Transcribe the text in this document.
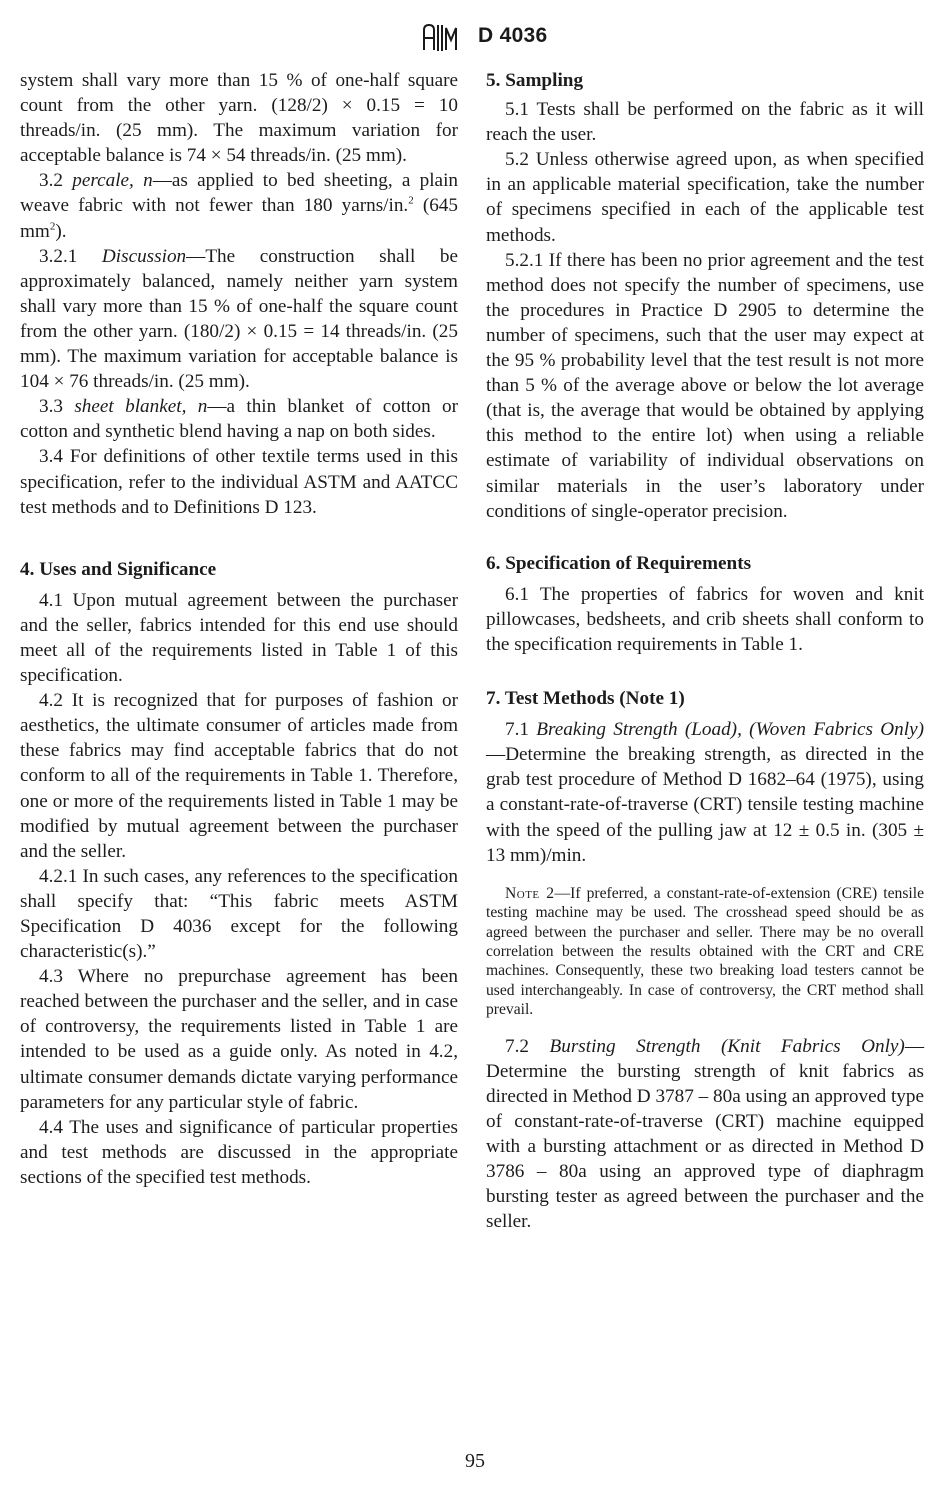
D 4036

system shall vary more than 15 % of one-half square count from the other yarn. (128/2) × 0.15 = 10 threads/in. (25 mm). The maximum variation for acceptable balance is 74 × 54 threads/in. (25 mm).

3.2 percale, n—as applied to bed sheeting, a plain weave fabric with not fewer than 180 yarns/in.$^2$ (645 $mm^2$).

3.2.1 Discussion—The construction shall be approximately balanced, namely neither yarn system shall vary more than 15 % of one-half the square count from the other yarn. (180/2) × 0.15 = 14 threads/in. (25 mm). The maximum variation for acceptable balance is 104 × 76 threads/in. (25 mm).

3.3 sheet blanket, n—a thin blanket of cotton or cotton and synthetic blend having a nap on both sides.

3.4 For definitions of other textile terms used in this specification, refer to the individual ASTM and AATCC test methods and to Definitions D 123.

4. Uses and Significance

4.1 Upon mutual agreement between the purchaser and the seller, fabrics intended for this end use should meet all of the requirements listed in Table 1 of this specification.

4.2 It is recognized that for purposes of fashion or aesthetics, the ultimate consumer of articles made from these fabrics may find acceptable fabrics that do not conform to all of the requirements in Table 1. Therefore, one or more of the requirements listed in Table 1 may be modified by mutual agreement between the purchaser and the seller.

4.2.1 In such cases, any references to the specification shall specify that: “This fabric meets ASTM Specification D 4036 except for the following characteristic(s).”

4.3 Where no prepurchase agreement has been reached between the purchaser and the seller, and in case of controversy, the requirements listed in Table 1 are intended to be used as a guide only. As noted in 4.2, ultimate consumer demands dictate varying performance parameters for any particular style of fabric.

4.4 The uses and significance of particular properties and test methods are discussed in the appropriate sections of the specified test methods.

5. Sampling

5.1 Tests shall be performed on the fabric as it will reach the user.

5.2 Unless otherwise agreed upon, as when specified in an applicable material specification, take the number of specimens specified in each of the applicable test methods.

5.2.1 If there has been no prior agreement and the test method does not specify the number of specimens, use the procedures in Practice D 2905 to determine the number of specimens, such that the user may expect at the 95 % probability level that the test result is not more than 5 % of the average above or below the lot average (that is, the average that would be obtained by applying this method to the entire lot) when using a reliable estimate of variability of individual observations on similar materials in the user’s laboratory under conditions of single-operator precision.

6. Specification of Requirements

6.1 The properties of fabrics for woven and knit pillowcases, bedsheets, and crib sheets shall conform to the specification requirements in Table 1.

7. Test Methods (Note 1)

7.1 Breaking Strength (Load), (Woven Fabrics Only)—Determine the breaking strength, as directed in the grab test procedure of Method D 1682–64 (1975), using a constant-rate-of-traverse (CRT) tensile testing machine with the speed of the pulling jaw at 12 ± 0.5 in. (305 ± 13 mm)/min.

Note 2—If preferred, a constant-rate-of-extension (CRE) tensile testing machine may be used. The crosshead speed should be as agreed between the purchaser and seller. There may be no overall correlation between the results obtained with the CRT and CRE machines. Consequently, these two breaking load testers cannot be used interchangeably. In case of controversy, the CRT method shall prevail.

7.2 Bursting Strength (Knit Fabrics Only)—Determine the bursting strength of knit fabrics as directed in Method D 3787 – 80a using an approved type of constant-rate-of-traverse (CRT) machine equipped with a bursting attachment or as directed in Method D 3786 – 80a using an approved type of diaphragm bursting tester as agreed between the purchaser and the seller.

95
